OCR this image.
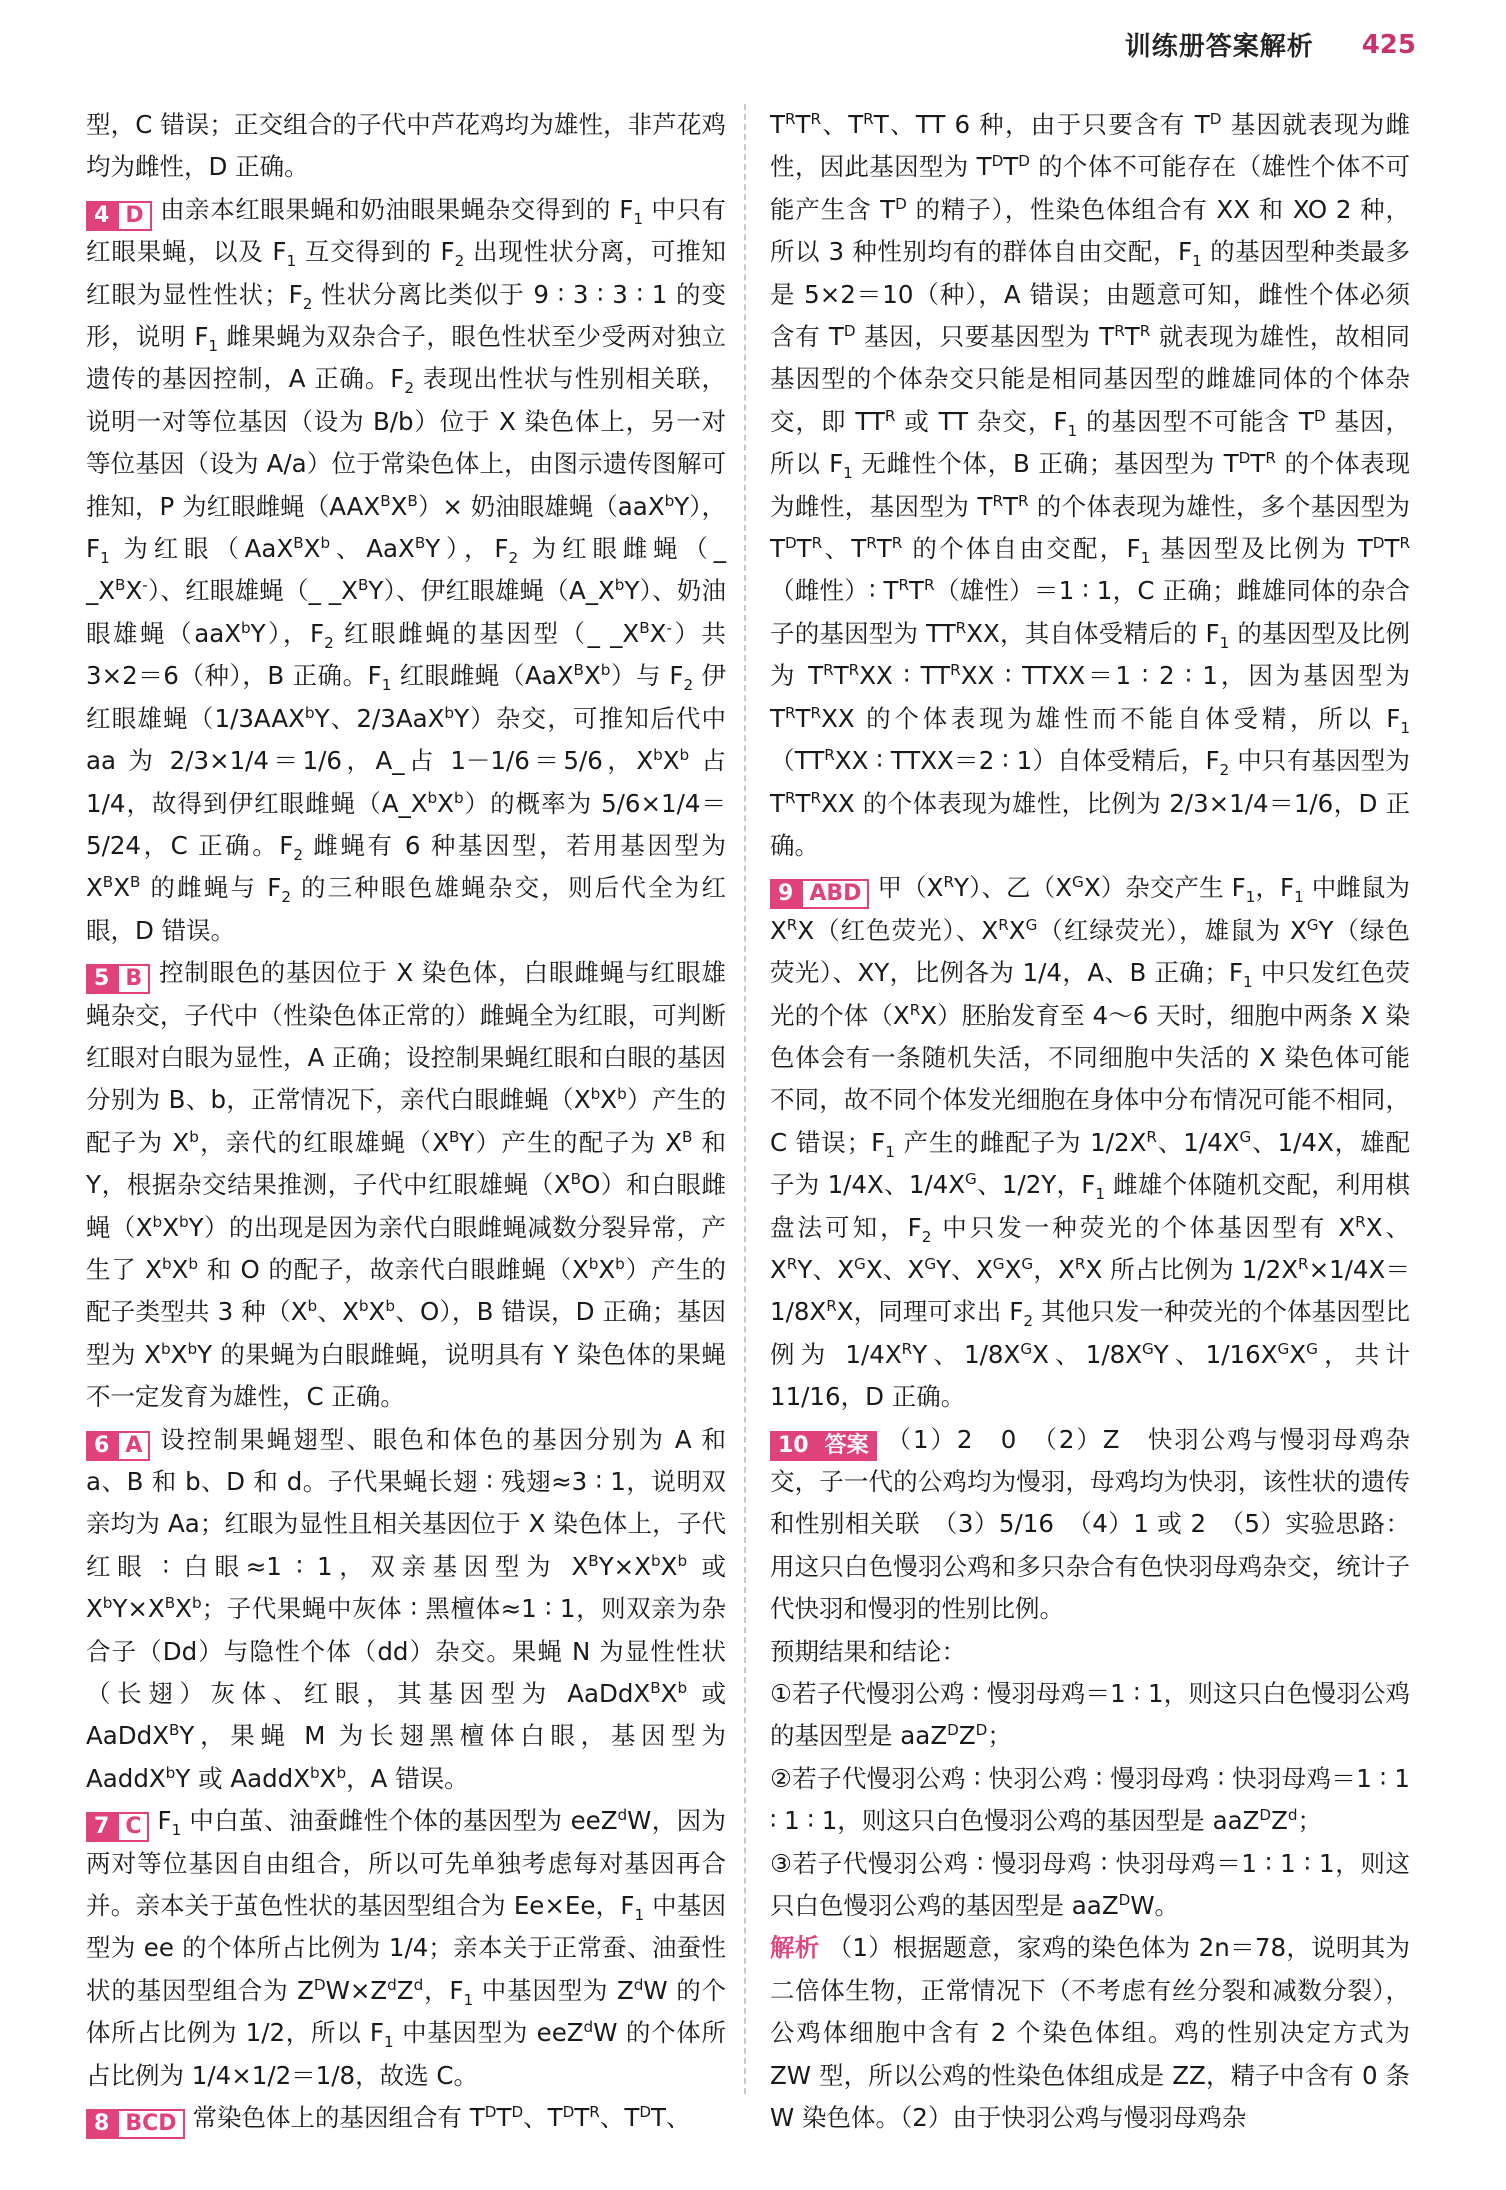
训练册答案解析 425

型，C 错误；正交组合的子代中芦花鸡均为雄性，非芦花鸡均为雌性，D 正确。

4 D 由亲本红眼果蝇和奶油眼果蝇杂交得到的 $F_1$ 中只有红眼果蝇，以及 $F_1$ 互交得到的 $F_2$ 出现性状分离，可推知红眼为显性性状；$F_2$ 性状分离比类似于 9 ∶ 3 ∶ 3 ∶ 1 的变形，说明 $F_1$ 雌果蝇为双杂合子，眼色性状至少受两对独立遗传的基因控制，A 正确。$F_2$ 表现出性状与性别相关联，说明一对等位基因（设为 B/b）位于 X 染色体上，另一对等位基因（设为 A/a）位于常染色体上，由图示遗传图解可推知，P 为红眼雌蝇$(AAX^BX^B)\times$ 奶油眼雄蝇（aaX$^b$Y），$F_1$ 为红眼（$AaX^BX^b$、AaX$^B$Y），$F_2$ 为红眼雌蝇（_ $\_X^BX^-$）、红眼雄蝇（_ $\_X^BY$）、伊红眼雄蝇$(A\_X^bY)$、奶油眼雄蝇（aaX$^b$Y），$F_2$ 红眼雌蝇的基因型（_ $\_X^BX^-$）共 3×2＝6（种），B 正确。$F_1$ 红眼雌蝇$(AaX^BX^b)$与 $F_2$ 伊红眼雄蝇（1/3AAX$^b$Y、2/3AaX$^b$Y）杂交，可推知后代中 aa 为 2/3×1/4＝1/6，A_占 1－1/6＝5/6，$X^bX^b$ 占 1/4，故得到伊红眼雌蝇$(A\_X^bX^b)$的概率为 5/6×1/4＝5/24，C 正确。$F_2$ 雌蝇有 6 种基因型，若用基因型为 $X^BX^B$ 的雌蝇与 $F_2$ 的三种眼色雄蝇杂交，则后代全为红眼，D 错误。

5 B 控制眼色的基因位于 X 染色体，白眼雌蝇与红眼雄蝇杂交，子代中（性染色体正常的）雌蝇全为红眼，可判断红眼对白眼为显性，A 正确；设控制果蝇红眼和白眼的基因分别为 B、b，正常情况下，亲代白眼雌蝇$(X^bX^b)$产生的配子为 $X^b$，亲代的红眼雄蝇$(X^BY)$产生的配子为 $X^B$ 和 Y，根据杂交结果推测，子代中红眼雄蝇$(X^BO)$和白眼雌蝇$(X^bX^bY)$的出现是因为亲代白眼雌蝇减数分裂异常，产生了 $X^bX^b$ 和 O 的配子，故亲代白眼雌蝇$(X^bX^b)$产生的配子类型共 3 种（$X^b$、$X^bX^b$、O），B 错误，D 正确；基因型为 $X^bX^bY$ 的果蝇为白眼雌蝇，说明具有 Y 染色体的果蝇不一定发育为雄性，C 正确。

6 A 设控制果蝇翅型、眼色和体色的基因分别为 A 和 a、B 和 b、D 和 d。子代果蝇长翅 ∶ 残翅≈3 ∶ 1，说明双亲均为 Aa；红眼为显性且相关基因位于 X 染色体上，子代红眼 ∶ 白眼≈1 ∶ 1，双亲基因型为 $X^BY\times X^bX^b$ 或 $X^bY\times X^BX^b$；子代果蝇中灰体 ∶ 黑檀体≈1 ∶ 1，则双亲为杂合子（Dd）与隐性个体（dd）杂交。果蝇 N 为显性性状（长翅）灰体、红眼，其基因型为 $AaDdX^BX^b$ 或 AaDdX$^B$Y，果蝇 M 为长翅黑檀体白眼，基因型为 AaddX$^b$Y 或 $AaddX^bX^b$，A 错误。

7 C $F_1$ 中白茧、油蚕雌性个体的基因型为 eeZ$^d$W，因为两对等位基因自由组合，所以可先单独考虑每对基因再合并。亲本关于茧色性状的基因型组合为 Ee×Ee，$F_1$ 中基因型为 ee 的个体所占比例为 1/4；亲本关于正常蚕、油蚕性状的基因型组合为 $Z^DW\times Z^dZ^d$，$F_1$ 中基因型为 $Z^dW$ 的个体所占比例为 1/2，所以 $F_1$ 中基因型为 eeZ$^d$W 的个体所占比例为 1/4×1/2＝1/8，故选 C。

8 BCD 常染色体上的基因组合有 $T^DT^D$、$T^DT^R$、$T^DT$、

$T^RT^R$、$T^RT$、TT 6 种，由于只要含有 $T^D$ 基因就表现为雌性，因此基因型为 $T^DT^D$ 的个体不可能存在（雄性个体不可能产生含 $T^D$ 的精子），性染色体组合有 XX 和 XO 2 种，所以 3 种性别均有的群体自由交配，$F_1$ 的基因型种类最多是 5×2＝10（种），A 错误；由题意可知，雌性个体必须含有 $T^D$ 基因，只要基因型为 $T^RT^R$ 就表现为雄性，故相同基因型的个体杂交只能是相同基因型的雌雄同体的个体杂交，即 $TT^R$ 或 TT 杂交，$F_1$ 的基因型不可能含 $T^D$ 基因，所以 $F_1$ 无雌性个体，B 正确；基因型为 $T^DT^R$ 的个体表现为雌性，基因型为 $T^RT^R$ 的个体表现为雄性，多个基因型为 $T^DT^R$、$T^RT^R$ 的个体自由交配，$F_1$ 基因型及比例为 $T^DT^R$（雌性）∶ $T^RT^R$（雄性）＝1 ∶ 1，C 正确；雌雄同体的杂合子的基因型为 $TT^RXX$，其自体受精后的 $F_1$ 的基因型及比例为 $T^RT^RXX$ ∶ $TT^RXX$ ∶ TTXX＝1 ∶ 2 ∶ 1，因为基因型为 $T^RT^RXX$ 的个体表现为雄性而不能自体受精，所以 $F_1(TT^RXX$ ∶ TTXX＝2 ∶ 1）自体受精后，$F_2$ 中只有基因型为 $T^RT^RXX$ 的个体表现为雄性，比例为 2/3×1/4＝1/6，D 正确。

9 ABD 甲$(X^RY)$、乙$(X^GX)$杂交产生 $F_1$，$F_1$ 中雌鼠为 $X^RX$（红色荧光）、$X^RX^G$（红绿荧光），雄鼠为 $X^GY$（绿色荧光）、XY，比例各为 1/4，A、B 正确；$F_1$ 中只发红色荧光的个体$(X^RX)$胚胎发育至 4～6 天时，细胞中两条 X 染色体会有一条随机失活，不同细胞中失活的 X 染色体可能不同，故不同个体发光细胞在身体中分布情况可能不相同，C 错误；$F_1$ 产生的雌配子为 $1/2X^R$、$1/4X^G$、1/4X，雄配子为 1/4X、$1/4X^G$、1/2Y，$F_1$ 雌雄个体随机交配，利用棋盘法可知，$F_2$ 中只发一种荧光的个体基因型有 $X^RX$、$X^RY$、$X^GX$、$X^GY$、$X^GX^G$，$X^RX$ 所占比例为 $1/2X^R\times 1/4X=1/8X^RX$，同理可求出 $F_2$ 其他只发一种荧光的个体基因型比例为 $1/4X^RY$、$1/8X^GX$、$1/8X^GY$、$1/16X^GX^G$，共计 11/16，D 正确。

10 答案 （1）2　0　（2）Z　快羽公鸡与慢羽母鸡杂交，子一代的公鸡均为慢羽，母鸡均为快羽，该性状的遗传和性别相关联　（3）5/16　（4）1 或 2　（5）实验思路：用这只白色慢羽公鸡和多只杂合有色快羽母鸡杂交，统计子代快羽和慢羽的性别比例。

预期结果和结论：

①若子代慢羽公鸡 ∶ 慢羽母鸡＝1 ∶ 1，则这只白色慢羽公鸡的基因型是 $aaZ^DZ^D$；

②若子代慢羽公鸡 ∶ 快羽公鸡 ∶ 慢羽母鸡 ∶ 快羽母鸡＝1 ∶ 1 ∶ 1 ∶ 1，则这只白色慢羽公鸡的基因型是 $aaZ^DZ^d$；

③若子代慢羽公鸡 ∶ 慢羽母鸡 ∶ 快羽母鸡＝1 ∶ 1 ∶ 1，则这只白色慢羽公鸡的基因型是 aaZ$^D$W。

解析 （1）根据题意，家鸡的染色体为 2n＝78，说明其为二倍体生物，正常情况下（不考虑有丝分裂和减数分裂），公鸡体细胞中含有 2 个染色体组。鸡的性别决定方式为 ZW 型，所以公鸡的性染色体组成是 ZZ，精子中含有 0 条 W 染色体。（2）由于快羽公鸡与慢羽母鸡杂
